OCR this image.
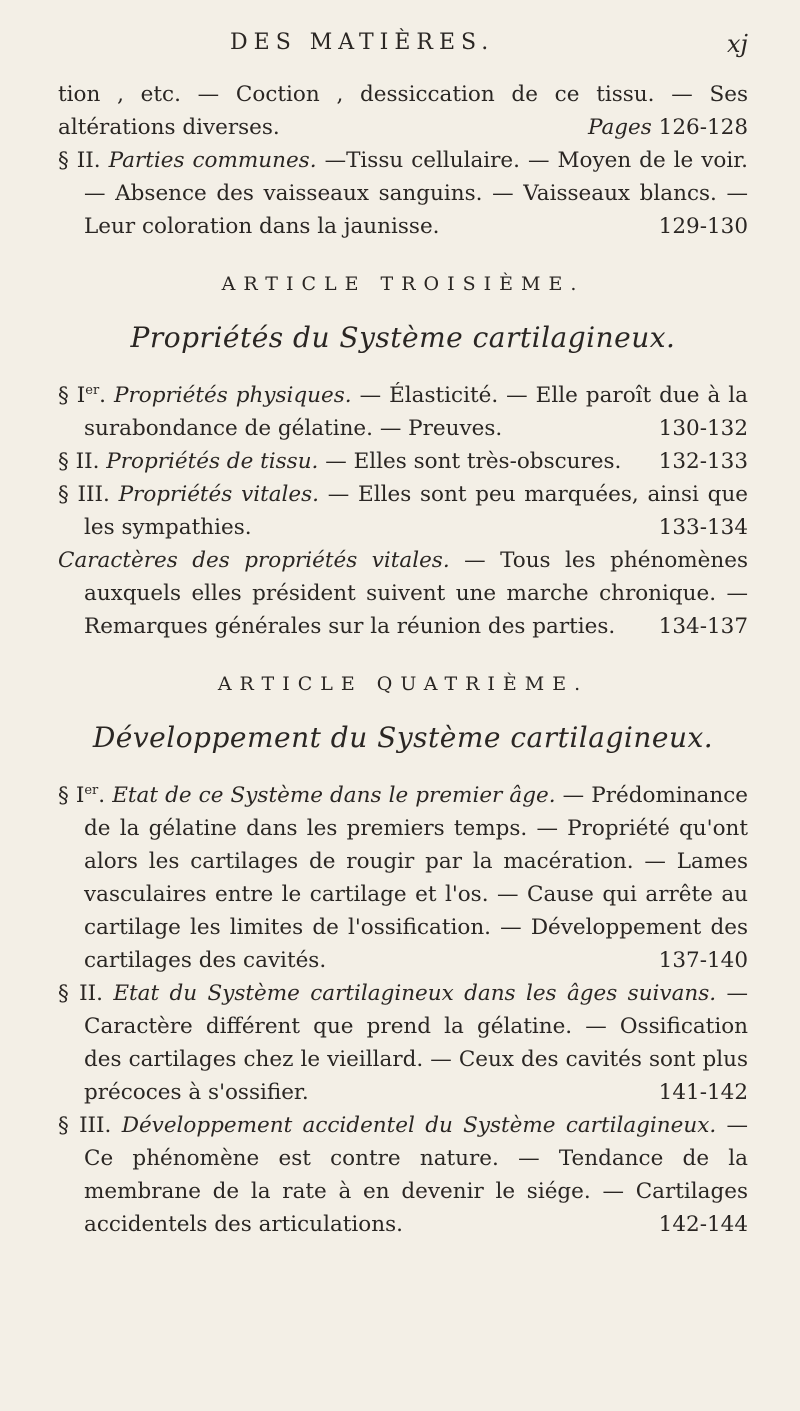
DES MATIÈRES.	xj

tion , etc. — Coction , dessiccation de ce tissu. — Ses altérations diverses.	Pages 126-128

§ II. Parties communes. —Tissu cellulaire. — Moyen de le voir. — Absence des vaisseaux sanguins. — Vaisseaux blancs. — Leur coloration dans la jaunisse.	129-130

ARTICLE TROISIÈME.
Propriétés du Système cartilagineux.

§ Ier. Propriétés physiques. — Élasticité. — Elle paroît due à la surabondance de gélatine. — Preuves.	130-132

§ II. Propriétés de tissu. — Elles sont très-obscures. 132-133

§ III. Propriétés vitales. — Elles sont peu marquées, ainsi que les sympathies.	133-134

Caractères des propriétés vitales. — Tous les phénomènes auxquels elles président suivent une marche chronique. — Remarques générales sur la réunion des parties. 134-137

ARTICLE QUATRIÈME.
Développement du Système cartilagineux.

§ Ier. Etat de ce Système dans le premier âge. — Prédominance de la gélatine dans les premiers temps. — Propriété qu'ont alors les cartilages de rougir par la macération. — Lames vasculaires entre le cartilage et l'os. — Cause qui arrête au cartilage les limites de l'ossification. — Développement des cartilages des cavités.	137-140

§ II. Etat du Système cartilagineux dans les âges suivans. — Caractère différent que prend la gélatine. — Ossification des cartilages chez le vieillard. — Ceux des cavités sont plus précoces à s'ossifier.	141-142

§ III. Développement accidentel du Système cartilagineux. — Ce phénomène est contre nature. — Tendance de la membrane de la rate à en devenir le siége. — Cartilages accidentels des articulations.	142-144
